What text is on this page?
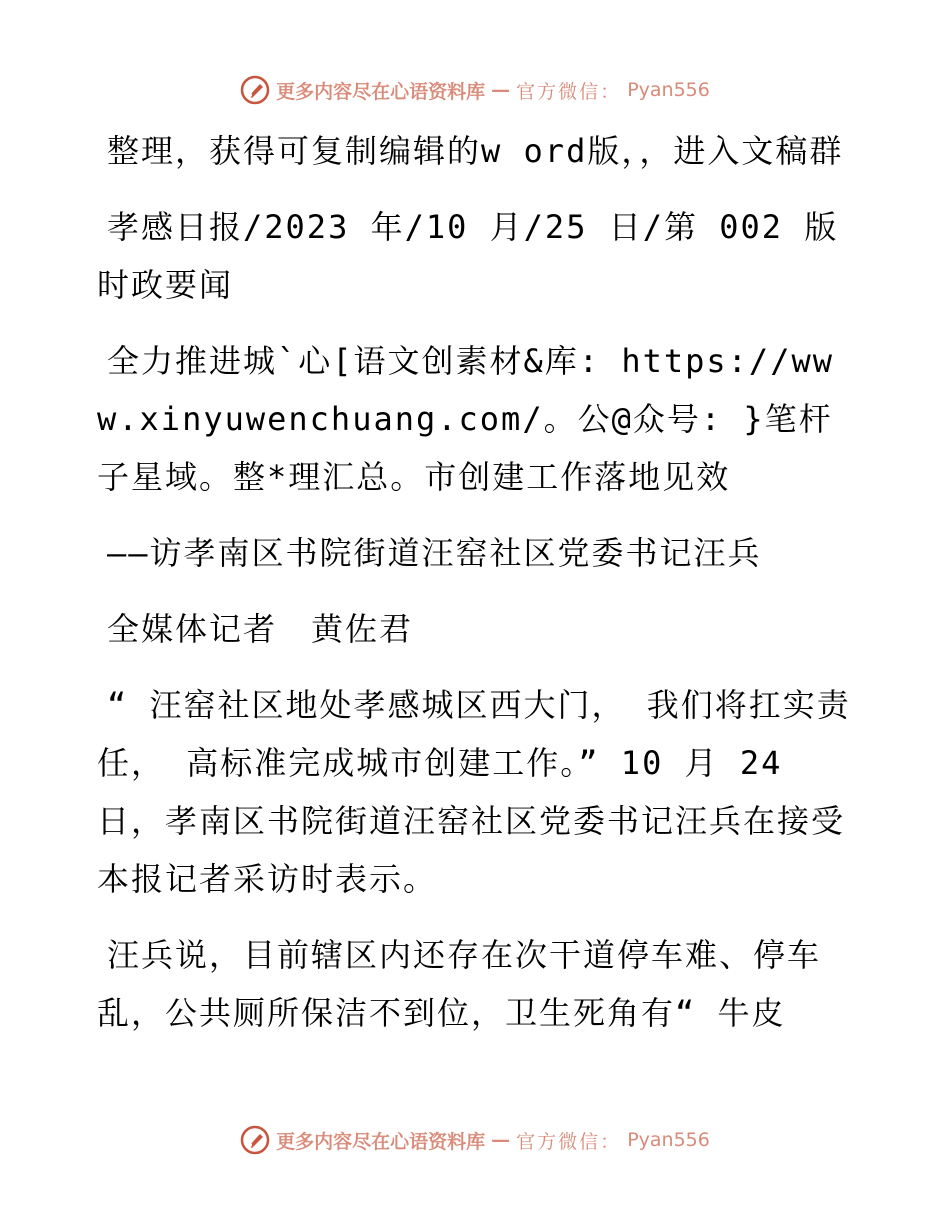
更多内容尽在心语资料库 — 官方微信： Pyan556

整理，获得可复制编辑的w ord版，，进入文稿群

孝感日报/2023 年/10 月/25 日/第 002 版时政要闻

全力推进城`心[语文创素材&库: https://www.xinyuwenchuang.com/。公@众号: }笔杆子星域。整*理汇总。市创建工作落地见效

——访孝南区书院街道汪窑社区党委书记汪兵

全媒体记者　黄佐君

“ 汪窑社区地处孝感城区西大门， 我们将扛实责任， 高标准完成城市创建工作。” 10 月 24 日，孝南区书院街道汪窑社区党委书记汪兵在接受本报记者采访时表示。

汪兵说，目前辖区内还存在次干道停车难、停车乱，公共厕所保洁不到位，卫生死角有“ 牛皮

更多内容尽在心语资料库 — 官方微信： Pyan556
